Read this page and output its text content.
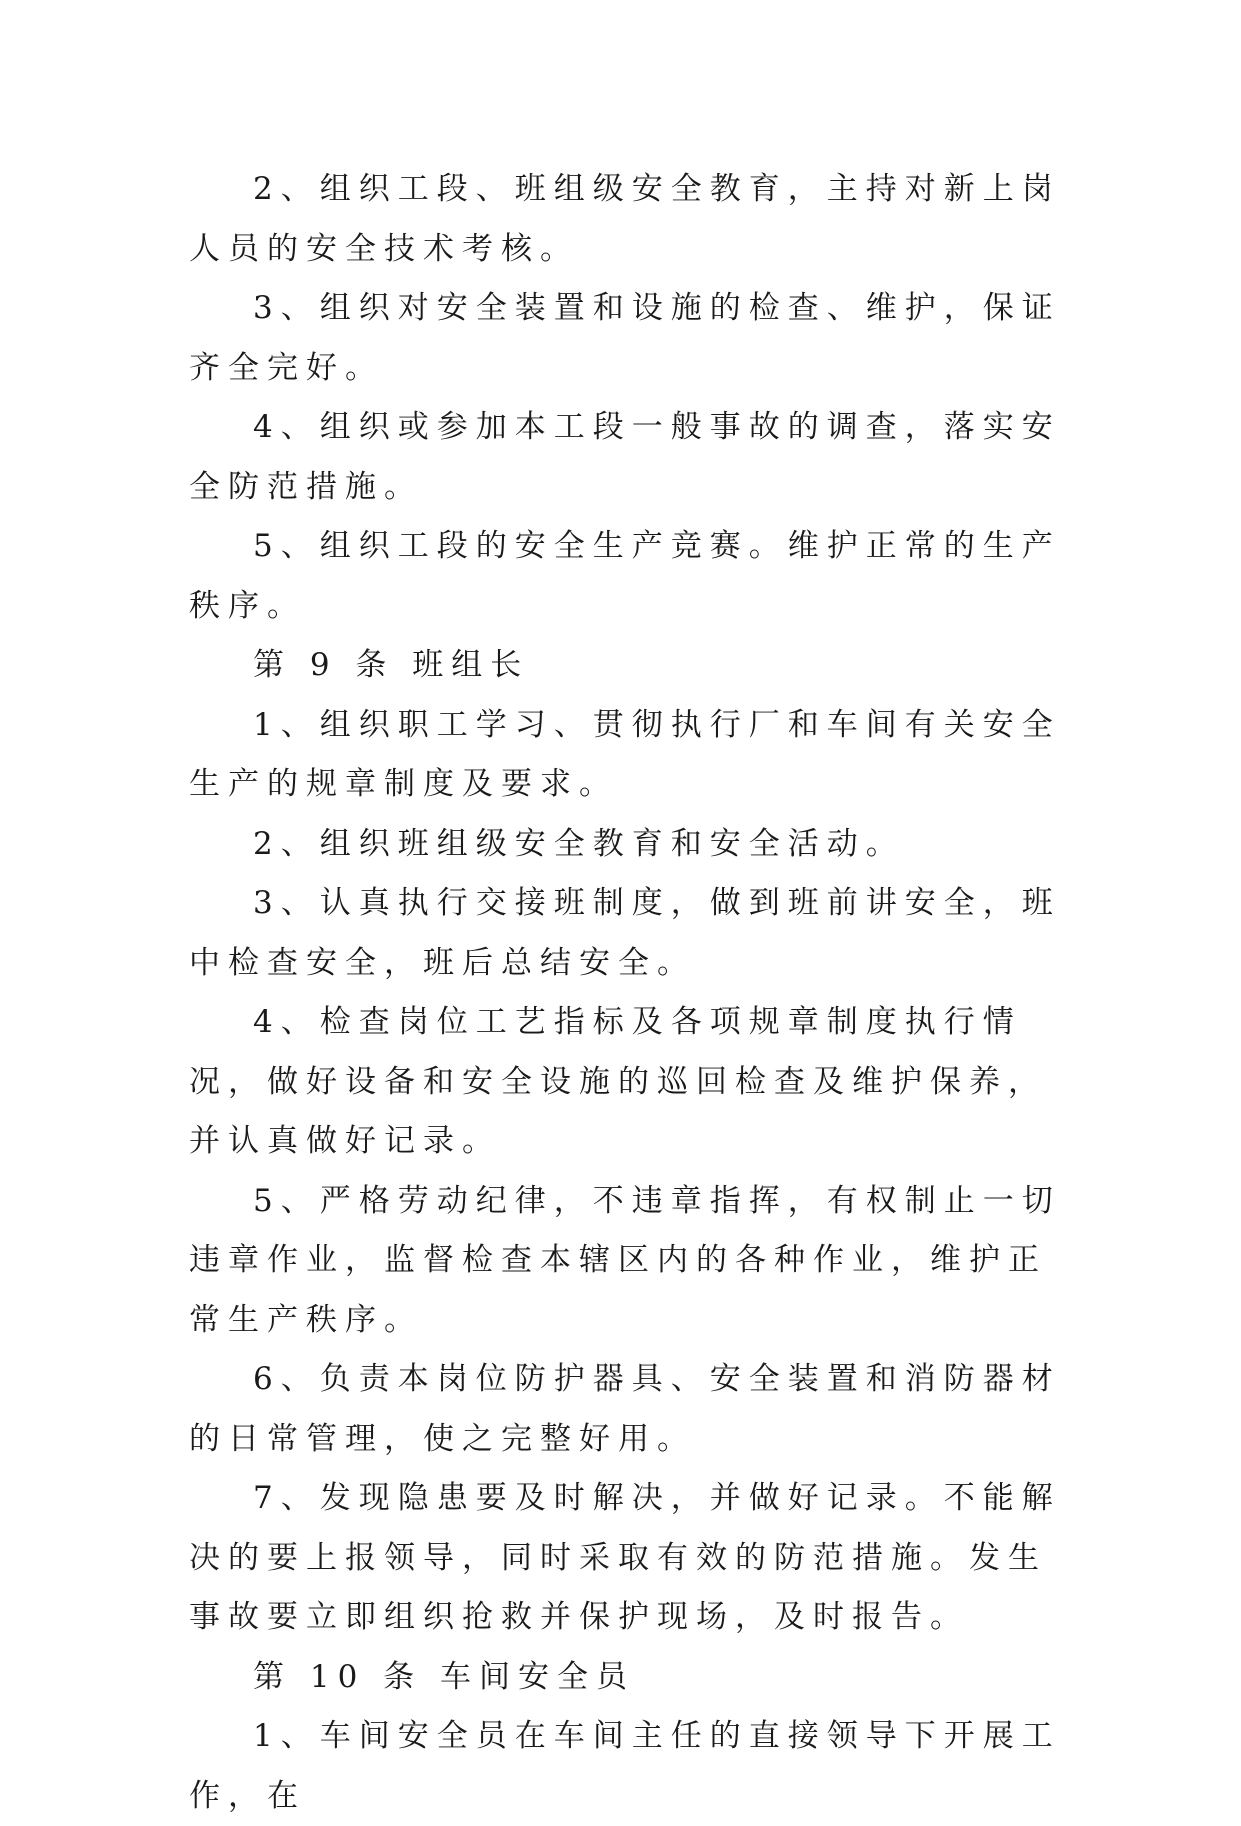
2、组织工段、班组级安全教育，主持对新上岗人员的安全技术考核。

3、组织对安全装置和设施的检查、维护，保证齐全完好。

4、组织或参加本工段一般事故的调查，落实安全防范措施。

5、组织工段的安全生产竞赛。维护正常的生产秩序。

第 9 条 班组长

1、组织职工学习、贯彻执行厂和车间有关安全生产的规章制度及要求。

2、组织班组级安全教育和安全活动。

3、认真执行交接班制度，做到班前讲安全，班中检查安全，班后总结安全。

4、检查岗位工艺指标及各项规章制度执行情况，做好设备和安全设施的巡回检查及维护保养，并认真做好记录。

5、严格劳动纪律，不违章指挥，有权制止一切违章作业，监督检查本辖区内的各种作业，维护正常生产秩序。

6、负责本岗位防护器具、安全装置和消防器材的日常管理，使之完整好用。

7、发现隐患要及时解决，并做好记录。不能解决的要上报领导，同时采取有效的防范措施。发生事故要立即组织抢救并保护现场，及时报告。

第 10 条 车间安全员

1、车间安全员在车间主任的直接领导下开展工作，在
